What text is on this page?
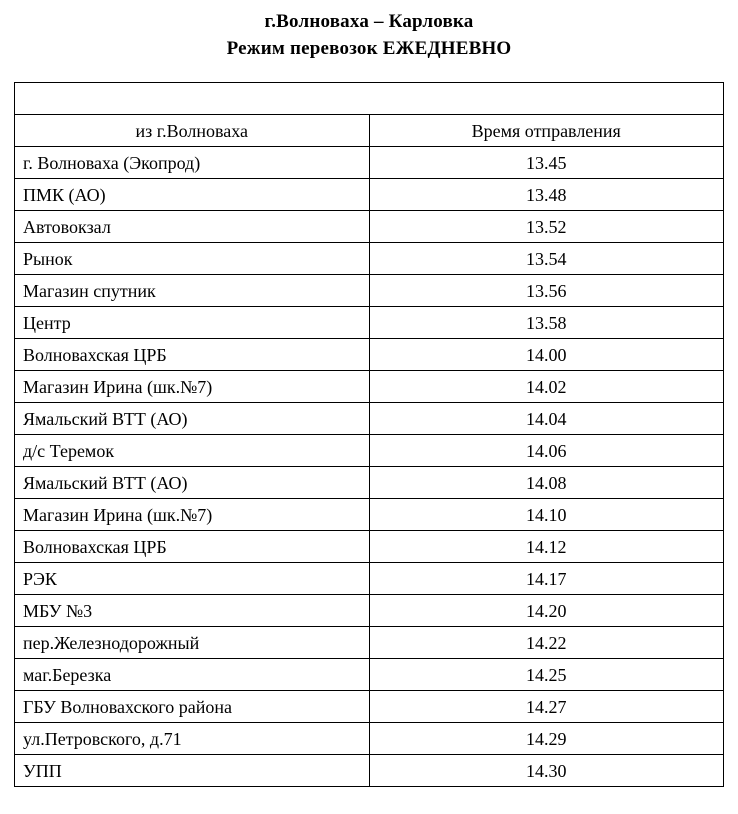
г.Волноваха – Карловка
Режим перевозок ЕЖЕДНЕВНО

из г.Волноваха	Время отправления
г. Волноваха (Экопрод)	13.45
ПМК (АО)	13.48
Автовокзал	13.52
Рынок	13.54
Магазин спутник	13.56
Центр	13.58
Волновахская ЦРБ	14.00
Магазин Ирина (шк.№7)	14.02
Ямальский ВТТ (АО)	14.04
д/с Теремок	14.06
Ямальский ВТТ (АО)	14.08
Магазин Ирина (шк.№7)	14.10
Волновахская ЦРБ	14.12
РЭК	14.17
МБУ №3	14.20
пер.Железнодорожный	14.22
маг.Березка	14.25
ГБУ Волновахского района	14.27
ул.Петровского, д.71	14.29
УПП	14.30
